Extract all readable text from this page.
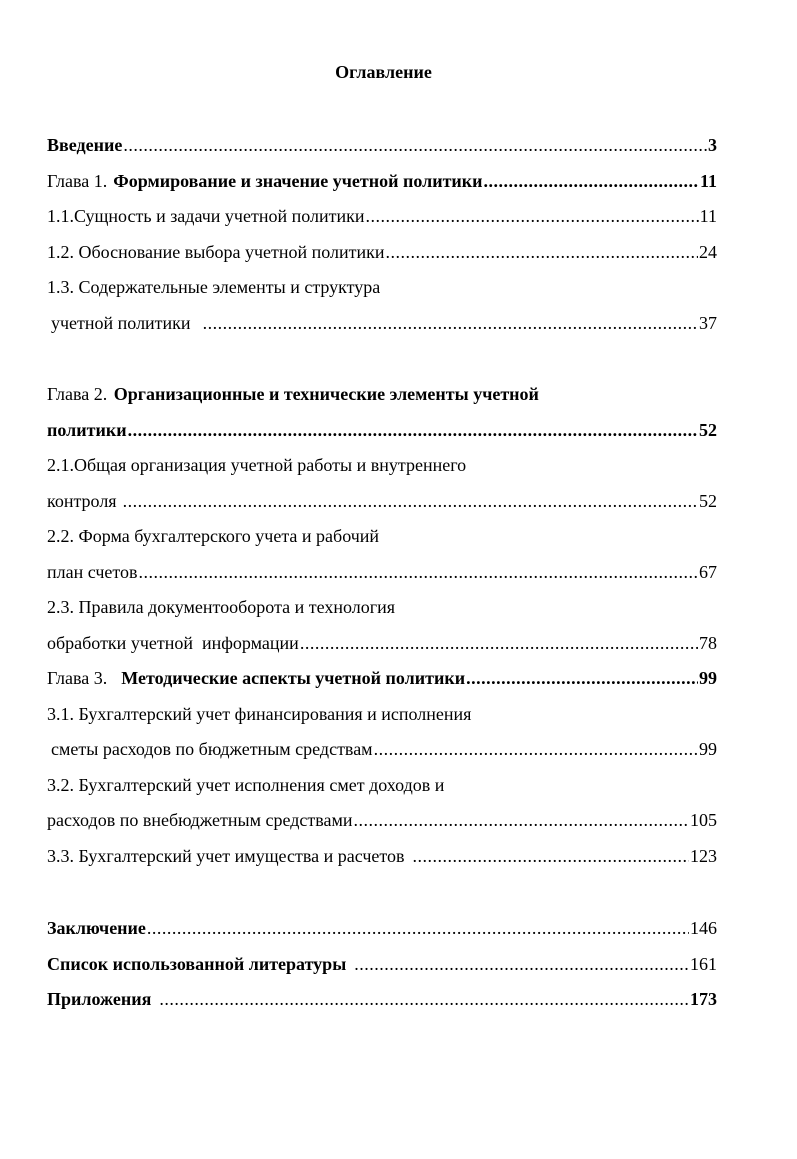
Оглавление
Введение .....	3
Глава 1. Формирование и значение учетной политики .....	11
1.1.Сущность и задачи учетной политики .....	11
1.2. Обоснование выбора учетной политики .....	24
1.3. Содержательные элементы и структура
учетной политики .....	37
Глава 2. Организационные и технические элементы учетной
политики .....	52
2.1.Общая организация учетной работы и внутреннего
контроля .....	52
2.2. Форма бухгалтерского учета и рабочий
план счетов .....	67
2.3. Правила документооборота и технология
обработки учетной  информации .....	78
Глава 3. Методические аспекты учетной политики .....	99
3.1. Бухгалтерский учет финансирования и исполнения
сметы расходов по бюджетным средствам .....	99
3.2. Бухгалтерский учет исполнения смет доходов и
расходов по внебюджетным средствами .....	105
3.3. Бухгалтерский учет имущества и расчетов .....	123
Заключение .....	146
Список использованной литературы .....	161
Приложения .....	173
